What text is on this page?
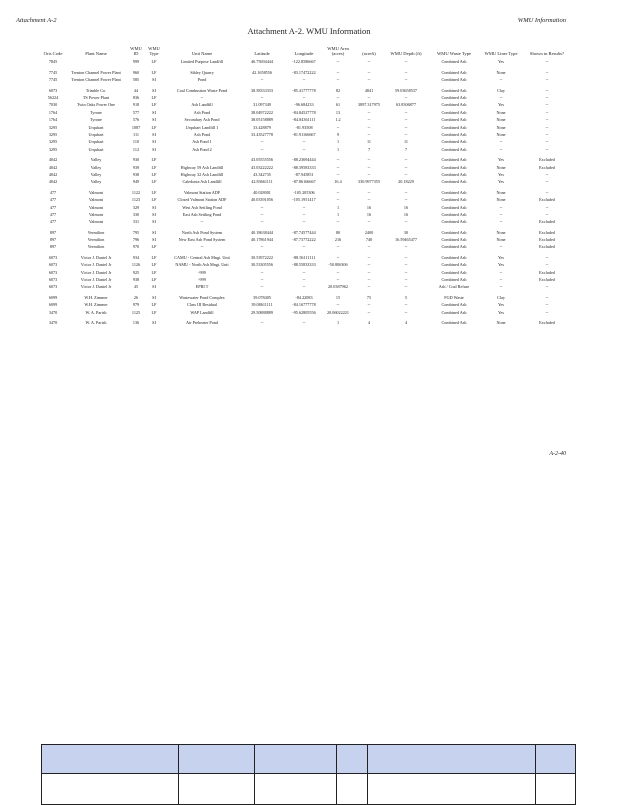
Attachment A-2	WMU Information
Attachment A-2. WMU Information
Oris Code	Plant Name	WMU ID	WMU Type	Unit Name	Latitude	Longitude	WMU Area (acres)	(acreft)	WMU Depth (ft)	WMU Waste Type	WMU Liner Type	Shown in Results?
7845		999	LF	Limited Purpose Landfill	46.75694444	-122.8586667	--	--	--	Combined Ash	Yes	--
7745	Trenton Channel Power Plant	960	LF	Sibley Quarry	42.1658556	-83.17472222	--	--	--	Combined Ash	None	--
7745	Trenton Channel Power Plant	585	SI	Pond	--	--	--	--	--	Combined Ash	--	--
6073	Trimble Co.	44	SI	Coal Combustion Waste Pond	38.58333333	-85.41777778	82	4841	59.03658537	Combined Ash	Clay	--
56224	TS Power Plant	836	LF	--	--	--	--	--	--	Combined Ash	--	--
7030	Twin Oaks Power One	918	LF	Ash Landfill	31.097349	-96.684233	61	3897.317975	63.8306877	Combined Ash	Yes	--
1764	Tyrone	577	SI	Ash Pond	38.04972222	-84.84527778	13	--	--	Combined Ash	None	--
1764	Tyrone	576	SI	Secondary Ash Pond	38.05158889	-84.84361111	1.2	--	--	Combined Ash	None	--
3295	Urquhart	1087	LF	Urquhart Landfill 1	33.428879	-81.93508	--	--	--	Combined Ash	None	--
3295	Urquhart	111	SI	Ash Pond	33.43527778	-81.91166667	9	--	--	Combined Ash	None	--
3295	Urquhart	110	SI	Ash Pond 1	--	--	1	11	11	Combined Ash	--	--
3295	Urquhart	112	SI	Ash Pond 2	--	--	1	7	7	Combined Ash	--	--
4042	Valley	930	LF		43.05555556	-88.23694444	--	--	--	Combined Ash	Yes	Excluded
4042	Valley	939	LF	Highway 59 Ash Landfill	43.03222222	-88.39583333	--	--	--	Combined Ash	None	Excluded
4042	Valley	938	LF	Highway 32 Ash Landfill	43.342735	-87.945851	--	--	--	Combined Ash	Yes	--
4042	Valley	949	LF	Caledonia Ash Landfill	42.83661111	-87.86166667	16.4	330.9977355	20.18229	Combined Ash	Yes	--
477	Valmont	1122	LF	Valmont Station ADF	40.028001	-105.205306	--	--	--	Combined Ash	None	--
477	Valmont	1123	LF	Closed Valmont Station ADF	40.03391056	-105.1951417	--	--	--	Combined Ash	None	Excluded
477	Valmont	329	SI	West Ash Settling Pond	--	--	1	16	16	Combined Ash	--	--
477	Valmont	330	SI	East Ash Settling Pond	--	--	1	16	16	Combined Ash	--	--
477	Valmont	331	SI	--	--	--	--	--	--	Combined Ash	--	Excluded
897	Vermilion	795	SI	North Ash Pond System	40.18638444	-87.74577444	80	2400	30	Combined Ash	None	Excluded
897	Vermilion	796	SI	New East Ash Pond System	40.17861944	-87.73772222	216	740	16.59465477	Combined Ash	None	Excluded
897	Vermilion	970	LF	--	--	--	--	--	--	Combined Ash	--	Excluded
6073	Victor J. Daniel Jr	934	LF	CAMU - Central Ash Mngt. Unit	30.53972222	-88.56111111	--	--	--	Combined Ash	Yes	--
6073	Victor J. Daniel Jr	1126	LF	NAMU - North Ash Mngt. Unit	30.53305556	-88.55833333	-50.806306	--	--	Combined Ash	Yes	--
6073	Victor J. Daniel Jr	925	LF	-999	--	--	--	--	--	Combined Ash	--	Excluded
6073	Victor J. Daniel Jr	938	LF	-999	--	--	--	--	--	Combined Ash	--	Excluded
6073	Victor J. Daniel Jr	45	SI	EPRI T	--	--	20.0387962	--	--	Ash / Coal Refuse	--	--
6099	W.H. Zimmer	26	SI	Wastewater Pond Complex	39.078405	-84.22083	15	75	5	FGD Waste	Clay	--
6099	W.H. Zimmer	979	LF	Class III Residual	39.08611111	-84.16777778	--	--	--	Combined Ash	Yes	--
3470	W. A. Parish	1125	LF	WAP Landfill	29.50888889	-95.62805556	20.06022221	--	--	Combined Ash	Yes	--
3470	W. A. Parish	136	SI	Air Preheater Pond	--	--	1	4	4	Combined Ash	None	Excluded
A-2-40
